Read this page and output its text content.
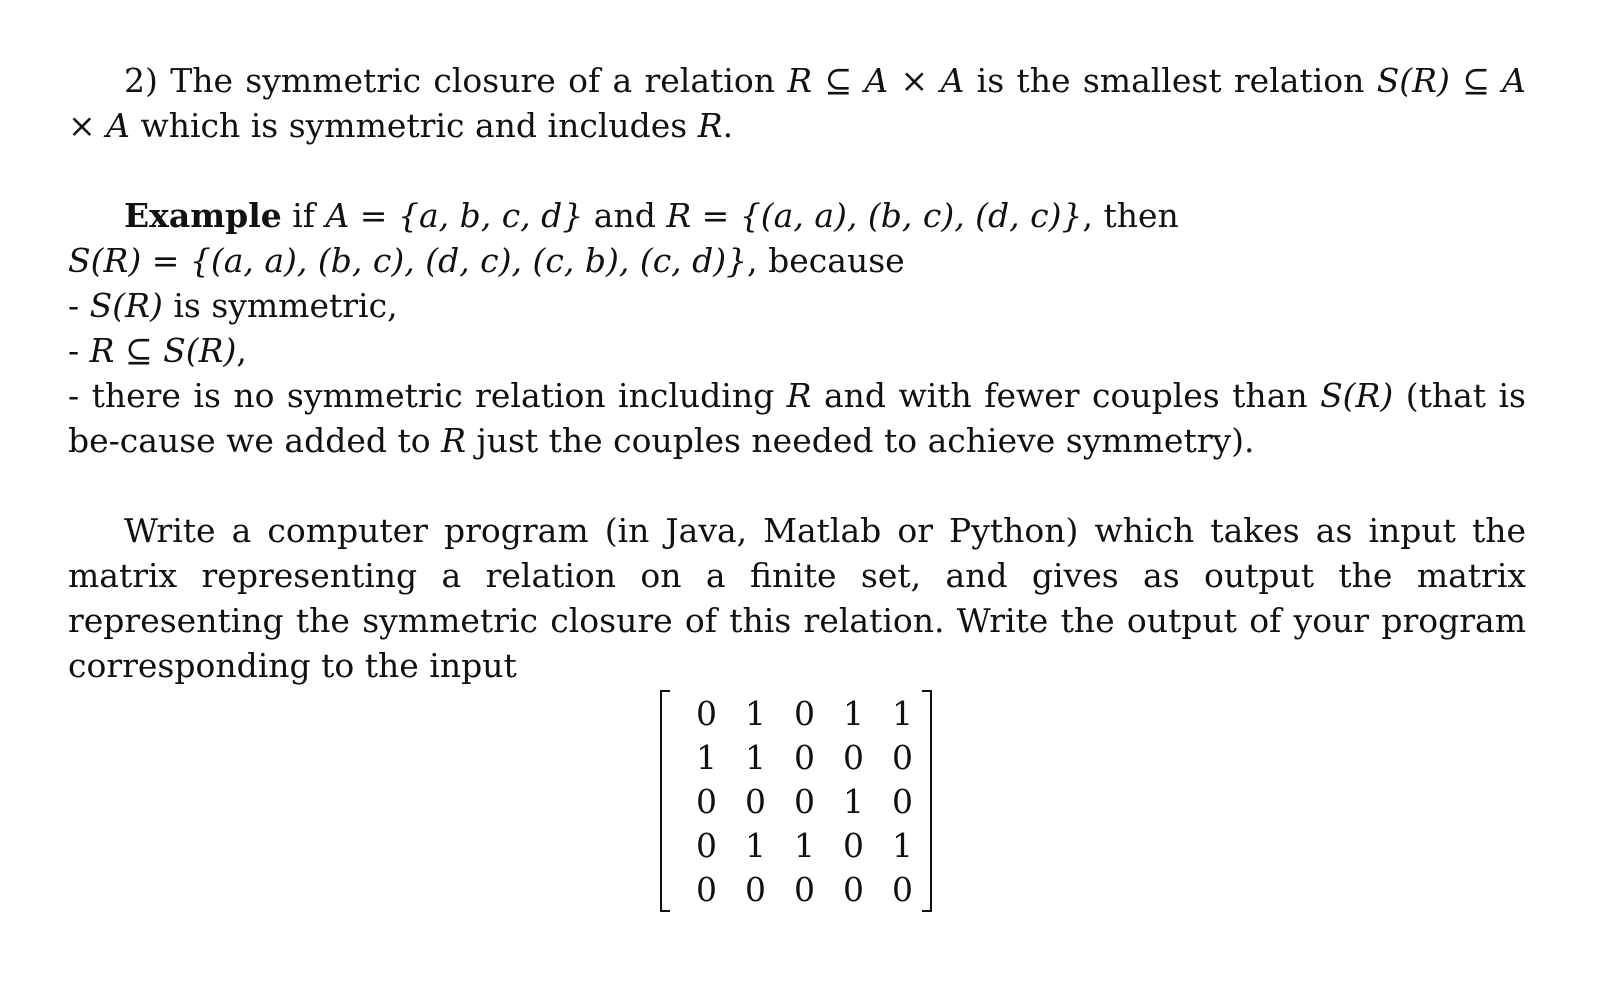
2) The symmetric closure of a relation R ⊆ A × A is the smallest relation S(R) ⊆ A × A which is symmetric and includes R.

Example if A = {a, b, c, d} and R = {(a, a), (b, c), (d, c)}, then
S(R) = {(a, a), (b, c), (d, c), (c, b), (c, d)}, because

- S(R) is symmetric,

- R ⊆ S(R),

- there is no symmetric relation including R and with fewer couples than S(R) (that is be-cause we added to R just the couples needed to achieve symmetry).

Write a computer program (in Java, Matlab or Python) which takes as input the matrix representing a relation on a finite set, and gives as output the matrix representing the symmetric closure of this relation. Write the output of your program corresponding to the input

0 1 0 1 1
1 1 0 0 0
0 0 0 1 0
0 1 1 0 1
0 0 0 0 0
